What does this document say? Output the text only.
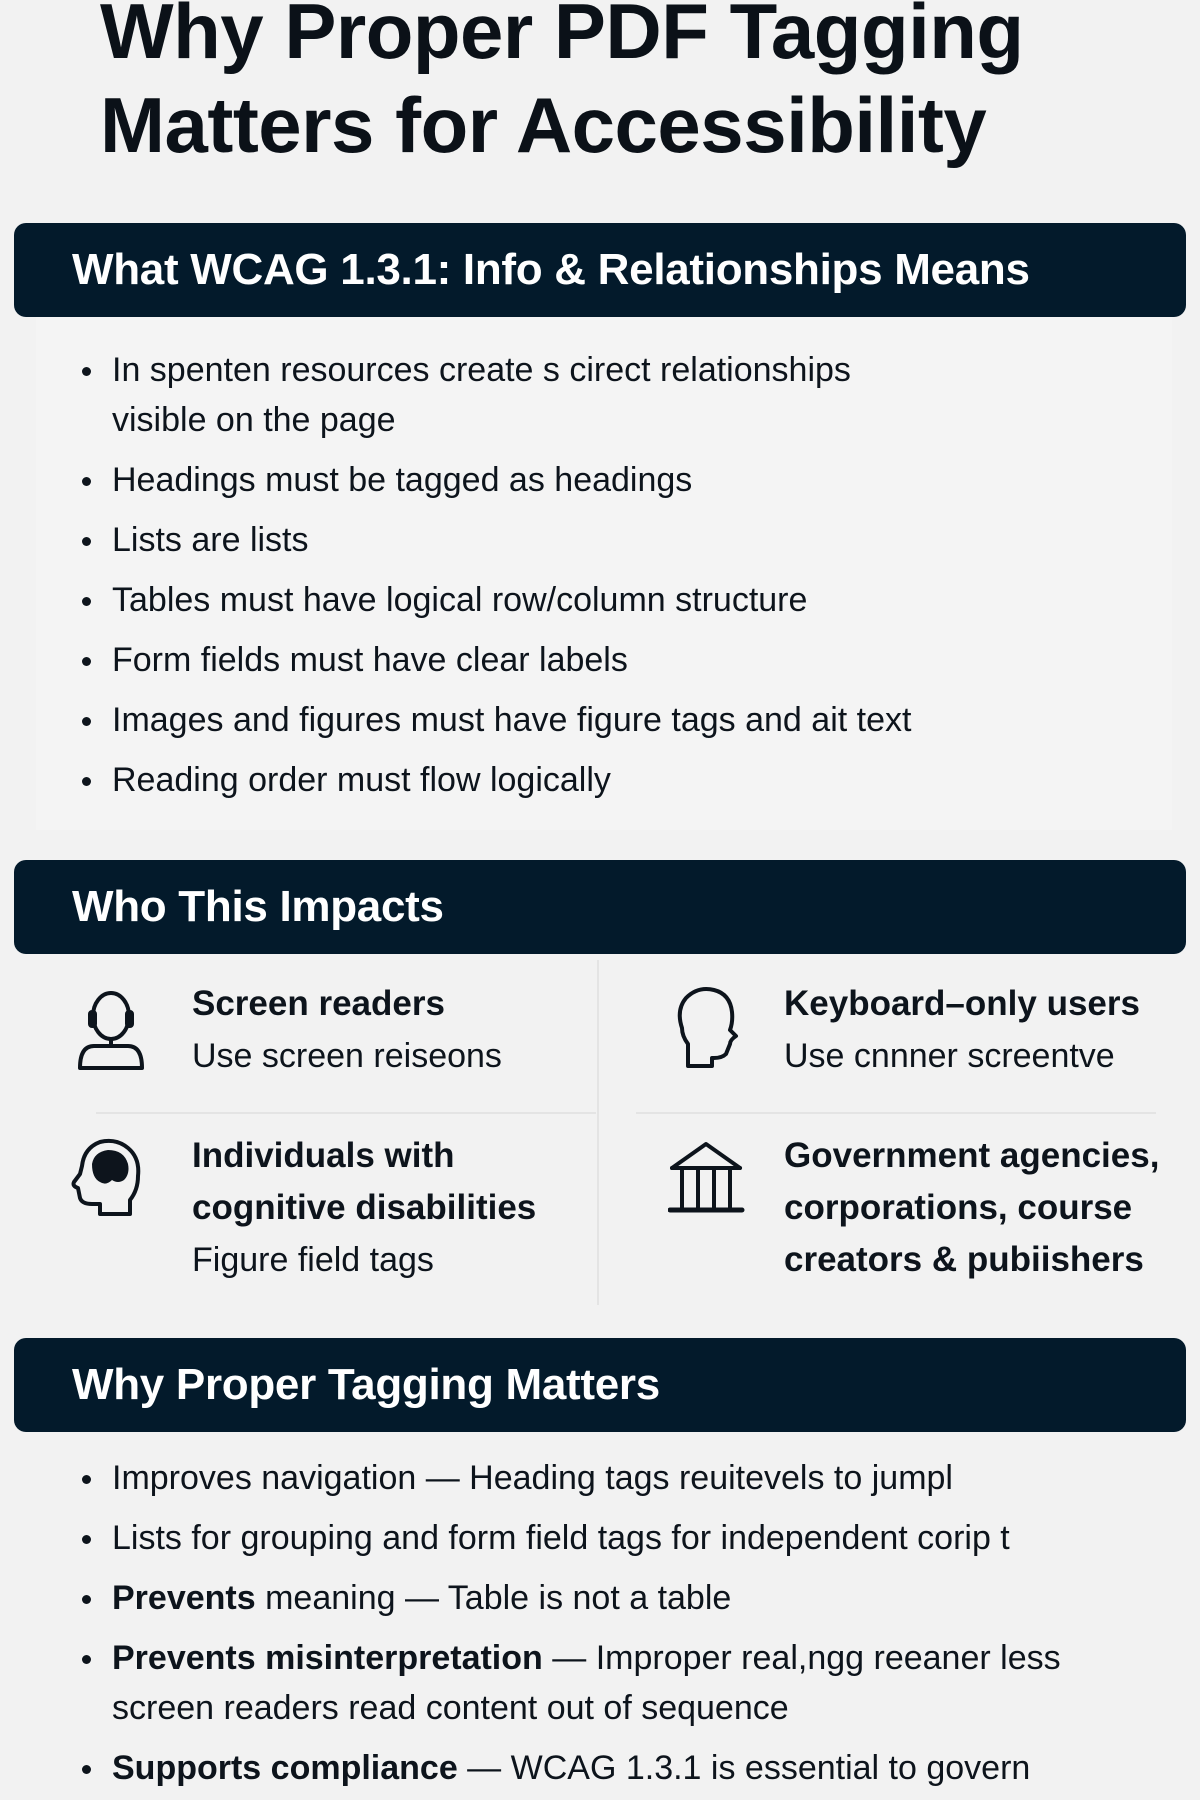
Why Proper PDF Tagging
Matters for Accessibility
What WCAG 1.3.1: Info & Relationships Means
In spenten resources create s cirect relationships visible on the page
Headings must be tagged as headings
Lists are lists
Tables must have logical row/column structure
Form fields must have clear labels
Images and figures must have figure tags and ait text
Reading order must flow logically
Who This Impacts
Screen readers
Use screen reiseons
Keyboard–only users
Use cnnner screentve
Individuals with
cognitive disabilities
Figure field tags
Government agencies,
corporations, course
creators & pubiishers
Why Proper Tagging Matters
Improves navigation — Heading tags reuitevels to jumpl
Lists for grouping and form field tags for independent corip t
Prevents meaning — Table is not a table
Prevents misinterpretation — Improper real,ngg reeaner less screen readers read content out of sequence
Supports compliance — WCAG 1.3.1 is essential to govern
